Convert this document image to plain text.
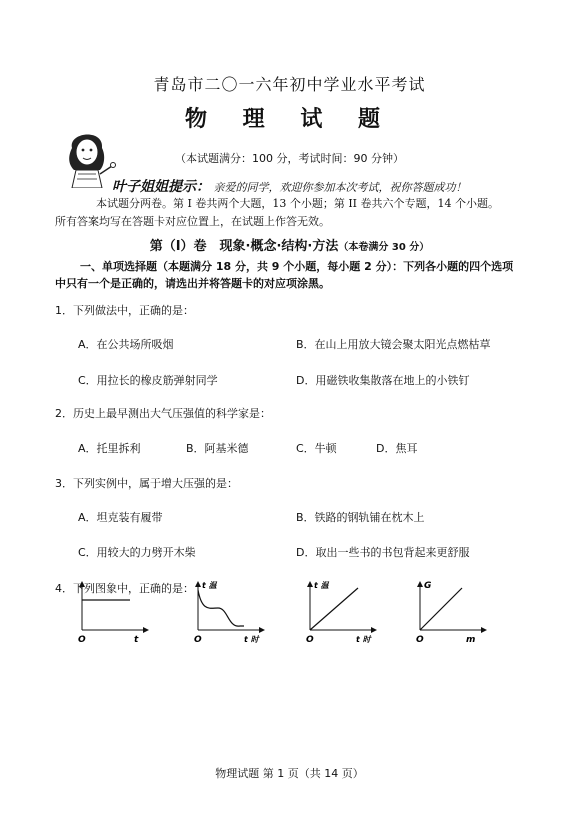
青岛市二〇一六年初中学业水平考试
物 理 试 题
（本试题满分：100 分，考试时间：90 分钟）
叶子姐姐提示： 亲爱的同学，欢迎你参加本次考试，祝你答题成功！
本试题分两卷。第 I 卷共两个大题，13 个小题；第 II 卷共六个专题，14 个小题。
所有答案均写在答题卡对应位置上，在试题上作答无效。
第（I）卷　现象·概念·结构·方法（本卷满分 30 分）
一、单项选择题（本题满分 18 分，共 9 个小题，每小题 2 分）：下列各小题的四个选项
中只有一个是正确的，请选出并将答题卡的对应项涂黑。
1．下列做法中，正确的是：
A．在公共场所吸烟	B．在山上用放大镜会聚太阳光点燃枯草
C．用拉长的橡皮筋弹射同学	D．用磁铁收集散落在地上的小铁钉
2．历史上最早测出大气压强值的科学家是：
A．托里拆利	B．阿基米德	C．牛顿	D．焦耳
3．下列实例中，属于增大压强的是：
A．坦克装有履带	B．铁路的钢轨铺在枕木上
C．用较大的力劈开木柴	D．取出一些书的书包背起来更舒服
4．下列图象中，正确的是：
O	t
t 温
O	t 时
t 温
O	t 时
G
O	m
物理试题 第 1 页（共 14 页）
